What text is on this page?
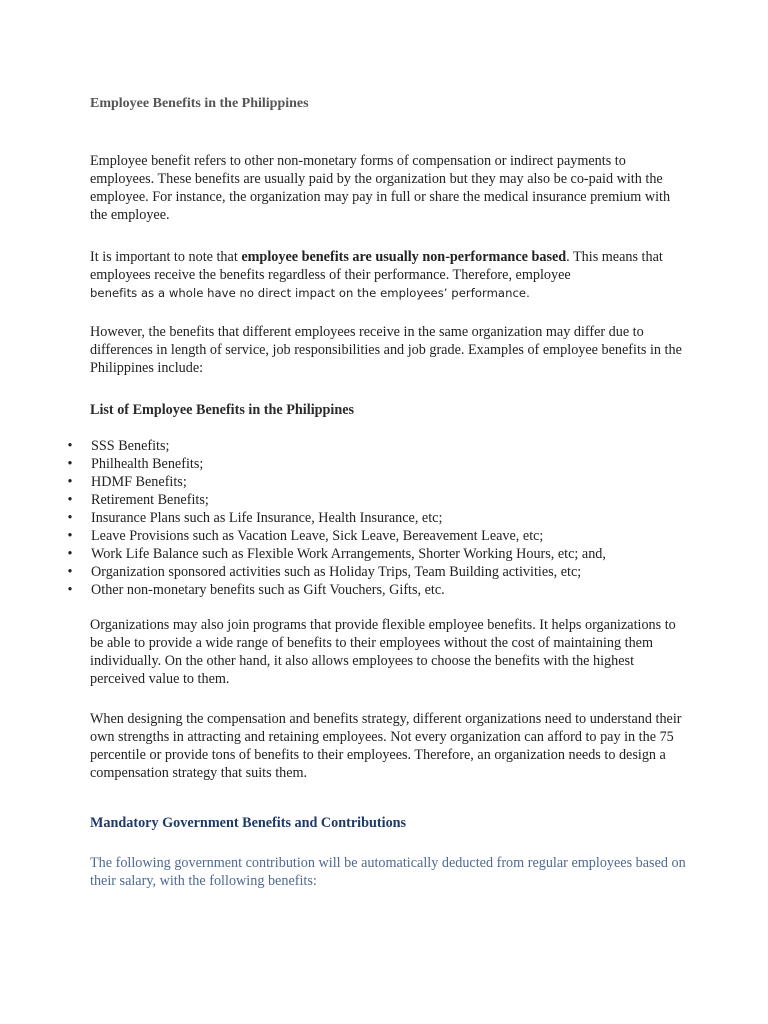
Employee Benefits in the Philippines
Employee benefit refers to other non-monetary forms of compensation or indirect payments to employees. These benefits are usually paid by the organization but they may also be co-paid with the employee. For instance, the organization may pay in full or share the medical insurance premium with the employee.
It is important to note that employee benefits are usually non-performance based. This means that employees receive the benefits regardless of their performance. Therefore, employee
benefits as a whole have no direct impact on the employees’ performance.
However, the benefits that different employees receive in the same organization may differ due to differences in length of service, job responsibilities and job grade. Examples of employee benefits in the Philippines include:
List of Employee Benefits in the Philippines
• SSS Benefits;
• Philhealth Benefits;
• HDMF Benefits;
• Retirement Benefits;
• Insurance Plans such as Life Insurance, Health Insurance, etc;
• Leave Provisions such as Vacation Leave, Sick Leave, Bereavement Leave, etc;
• Work Life Balance such as Flexible Work Arrangements, Shorter Working Hours, etc; and,
• Organization sponsored activities such as Holiday Trips, Team Building activities, etc;
• Other non-monetary benefits such as Gift Vouchers, Gifts, etc.
Organizations may also join programs that provide flexible employee benefits. It helps organizations to be able to provide a wide range of benefits to their employees without the cost of maintaining them individually. On the other hand, it also allows employees to choose the benefits with the highest perceived value to them.
When designing the compensation and benefits strategy, different organizations need to understand their own strengths in attracting and retaining employees. Not every organization can afford to pay in the 75 percentile or provide tons of benefits to their employees. Therefore, an organization needs to design a compensation strategy that suits them.
Mandatory Government Benefits and Contributions
The following government contribution will be automatically deducted from regular employees based on their salary, with the following benefits:
